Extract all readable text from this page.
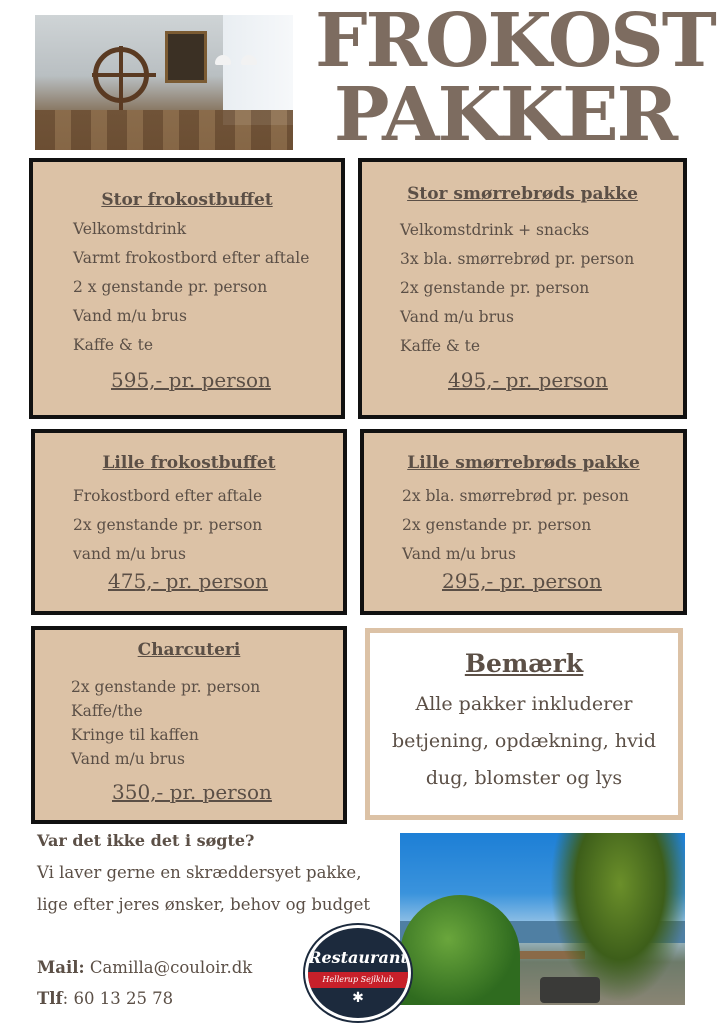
FROKOST
PAKKER
Stor frokostbuffet
Velkomstdrink
Varmt frokostbord efter aftale
2 x genstande pr. person
Vand m/u brus
Kaffe & te
595,- pr. person
Stor smørrebrøds pakke
Velkomstdrink + snacks
3x bla. smørrebrød pr. person
2x genstande pr. person
Vand m/u brus
Kaffe & te
495,- pr. person
Lille frokostbuffet
Frokostbord efter aftale
2x genstande pr. person
vand m/u brus
475,- pr. person
Lille smørrebrøds pakke
2x bla. smørrebrød pr. peson
2x genstande pr. person
Vand m/u brus
295,- pr. person
Charcuteri
2x genstande pr. person
Kaffe/the
Kringe til kaffen
Vand m/u brus
350,- pr. person
Bemærk
Alle pakker inkluderer
betjening, opdækning, hvid
dug, blomster og lys
Var det ikke det i søgte?
Vi laver gerne en skræddersyet pakke,
lige efter jeres ønsker, behov og budget
Mail: Camilla@couloir.dk
Tlf: 60 13 25 78
Restaurant
Hellerup Sejlklub
✱
